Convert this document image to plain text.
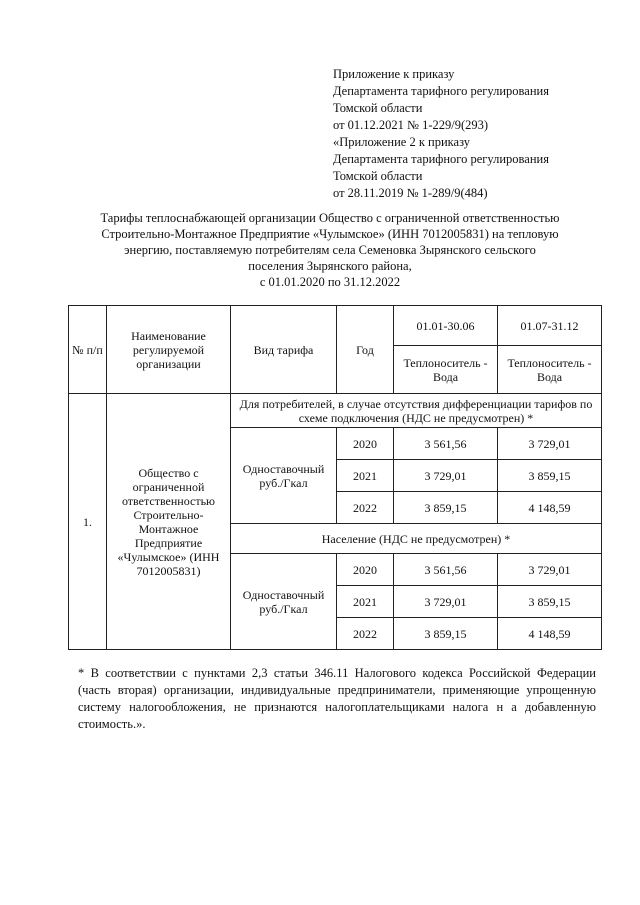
Приложение к приказу
Департамента тарифного регулирования
Томской области
от 01.12.2021 № 1-229/9(293)
«Приложение 2 к приказу
Департамента тарифного регулирования
Томской области
от 28.11.2019 № 1-289/9(484)
Тарифы теплоснабжающей организации Общество с ограниченной ответственностью
Строительно-Монтажное Предприятие «Чулымское» (ИНН 7012005831) на тепловую
энергию, поставляемую потребителям села Семеновка Зырянского сельского
поселения Зырянского района,
с 01.01.2020 по 31.12.2022
№ п/п	Наименование регулируемой организации	Вид тарифа	Год	01.01-30.06	01.07-31.12
				Теплоноситель - Вода	Теплоноситель - Вода
1.	Общество с ограниченной ответственностью Строительно-Монтажное Предприятие «Чулымское» (ИНН 7012005831)	Для потребителей, в случае отсутствия дифференциации тарифов по схеме подключения (НДС не предусмотрен) *			
		Одноставочный руб./Гкал	2020	3 561,56	3 729,01
			2021	3 729,01	3 859,15
			2022	3 859,15	4 148,59
		Население (НДС не предусмотрен) *			
		Одноставочный руб./Гкал	2020	3 561,56	3 729,01
			2021	3 729,01	3 859,15
			2022	3 859,15	4 148,59
* В соответствии с пунктами 2,3 статьи 346.11 Налогового кодекса Российской Федерации (часть вторая) организации, индивидуальные предприниматели, применяющие упрощенную систему налогообложения, не признаются налогоплательщиками налога н а добавленную стоимость.».
